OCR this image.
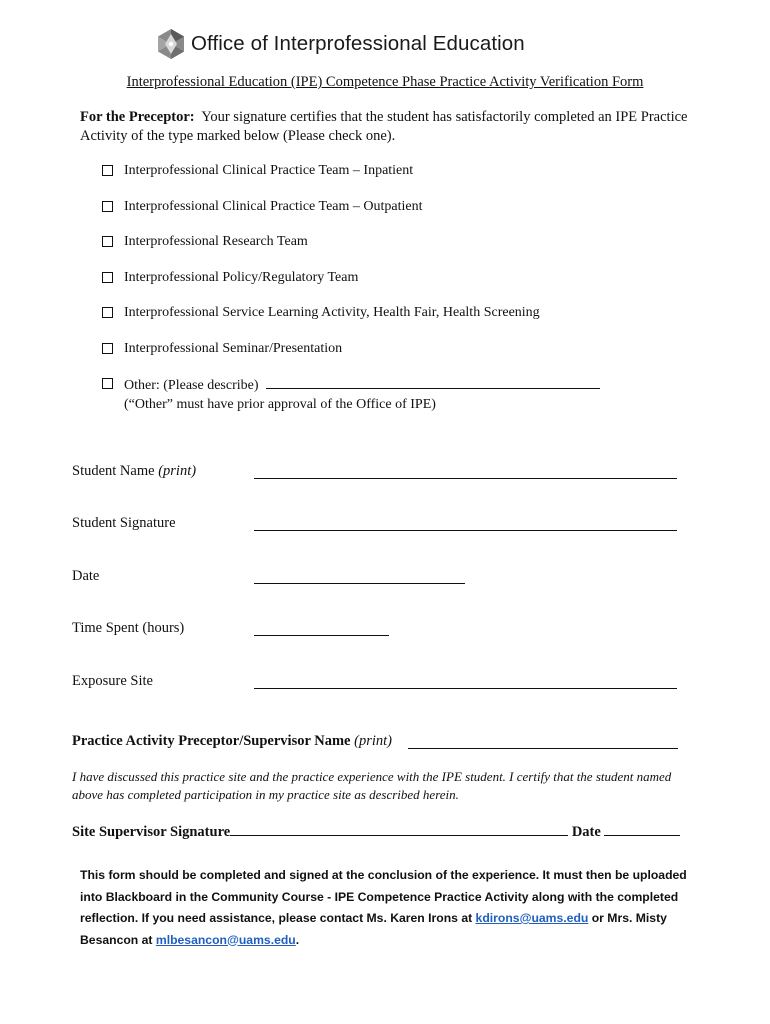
Office of Interprofessional Education
Interprofessional Education (IPE) Competence Phase Practice Activity Verification Form
For the Preceptor: Your signature certifies that the student has satisfactorily completed an IPE Practice Activity of the type marked below (Please check one).
Interprofessional Clinical Practice Team – Inpatient
Interprofessional Clinical Practice Team – Outpatient
Interprofessional Research Team
Interprofessional Policy/Regulatory Team
Interprofessional Service Learning Activity, Health Fair, Health Screening
Interprofessional Seminar/Presentation
Other: (Please describe)
(“Other” must have prior approval of the Office of IPE)
Student Name (print)
Student Signature
Date
Time Spent (hours)
Exposure Site
Practice Activity Preceptor/Supervisor Name (print)
I have discussed this practice site and the practice experience with the IPE student. I certify that the student named above has completed participation in my practice site as described herein.
Site Supervisor Signature	Date
This form should be completed and signed at the conclusion of the experience. It must then be uploaded into Blackboard in the Community Course - IPE Competence Practice Activity along with the completed reflection. If you need assistance, please contact Ms. Karen Irons at kdirons@uams.edu or Mrs. Misty Besancon at mlbesancon@uams.edu.
